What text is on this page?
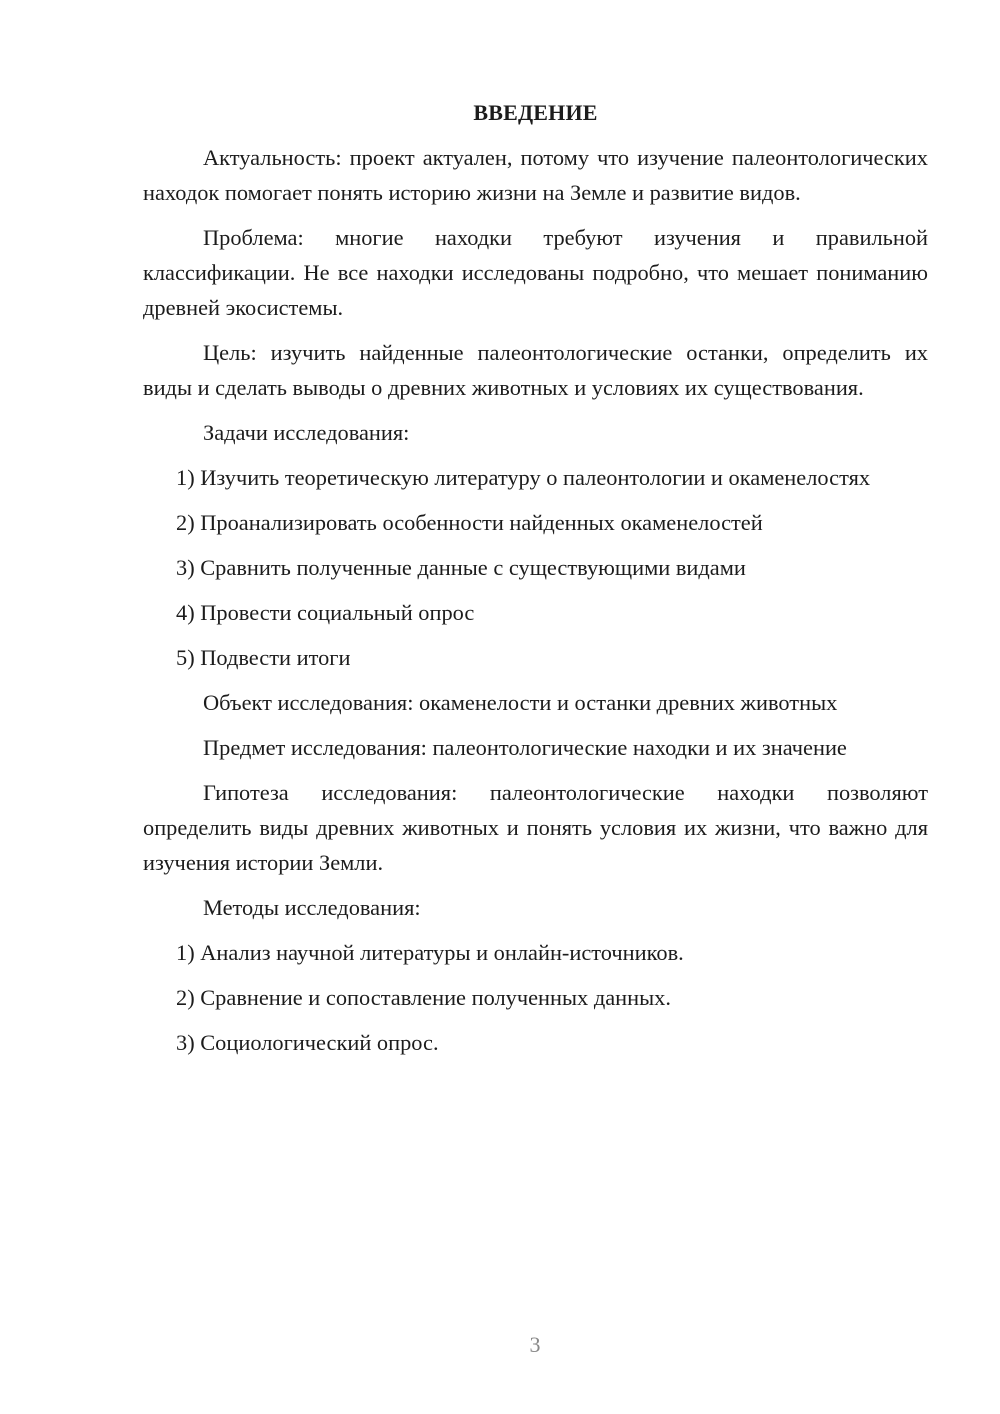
ВВЕДЕНИЕ

Актуальность: проект актуален, потому что изучение палеонтологических находок помогает понять историю жизни на Земле и развитие видов.

Проблема: многие находки требуют изучения и правильной классификации. Не все находки исследованы подробно, что мешает пониманию древней экосистемы.

Цель: изучить найденные палеонтологические останки, определить их виды и сделать выводы о древних животных и условиях их существования.

Задачи исследования:

1) Изучить теоретическую литературу о палеонтологии и окаменелостях

2) Проанализировать особенности найденных окаменелостей

3) Сравнить полученные данные с существующими видами

4) Провести социальный опрос

5) Подвести итоги

Объект исследования: окаменелости и останки древних животных

Предмет исследования: палеонтологические находки и их значение

Гипотеза исследования: палеонтологические находки позволяют определить виды древних животных и понять условия их жизни, что важно для изучения истории Земли.

Методы исследования:

1) Анализ научной литературы и онлайн-источников.

2) Сравнение и сопоставление полученных данных.

3) Социологический опрос.

3
